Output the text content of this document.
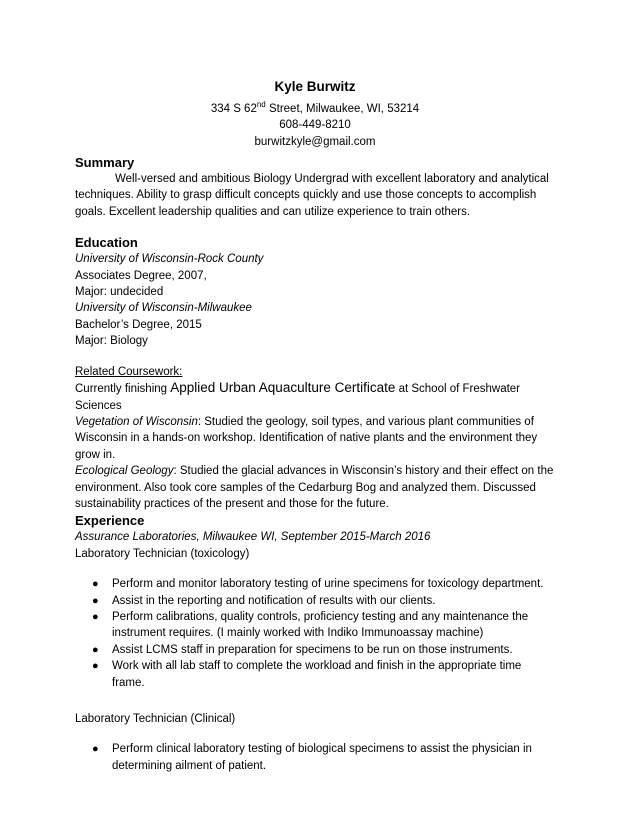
Kyle Burwitz
334 S 62nd Street, Milwaukee, WI, 53214
608-449-8210
burwitzkyle@gmail.com
Summary
Well-versed and ambitious Biology Undergrad with excellent laboratory and analytical techniques. Ability to grasp difficult concepts quickly and use those concepts to accomplish goals. Excellent leadership qualities and can utilize experience to train others.
Education
University of Wisconsin-Rock County
Associates Degree, 2007,
Major: undecided
University of Wisconsin-Milwaukee
Bachelor’s Degree, 2015
Major: Biology
Related Coursework:
Currently finishing Applied Urban Aquaculture Certificate at School of Freshwater Sciences
Vegetation of Wisconsin: Studied the geology, soil types, and various plant communities of Wisconsin in a hands-on workshop. Identification of native plants and the environment they grow in.
Ecological Geology: Studied the glacial advances in Wisconsin’s history and their effect on the environment. Also took core samples of the Cedarburg Bog and analyzed them. Discussed sustainability practices of the present and those for the future.
Experience
Assurance Laboratories, Milwaukee WI, September 2015-March 2016
Laboratory Technician (toxicology)
● Perform and monitor laboratory testing of urine specimens for toxicology department.
● Assist in the reporting and notification of results with our clients.
● Perform calibrations, quality controls, proficiency testing and any maintenance the instrument requires. (I mainly worked with Indiko Immunoassay machine)
● Assist LCMS staff in preparation for specimens to be run on those instruments.
● Work with all lab staff to complete the workload and finish in the appropriate time frame.
Laboratory Technician (Clinical)
● Perform clinical laboratory testing of biological specimens to assist the physician in determining ailment of patient.
